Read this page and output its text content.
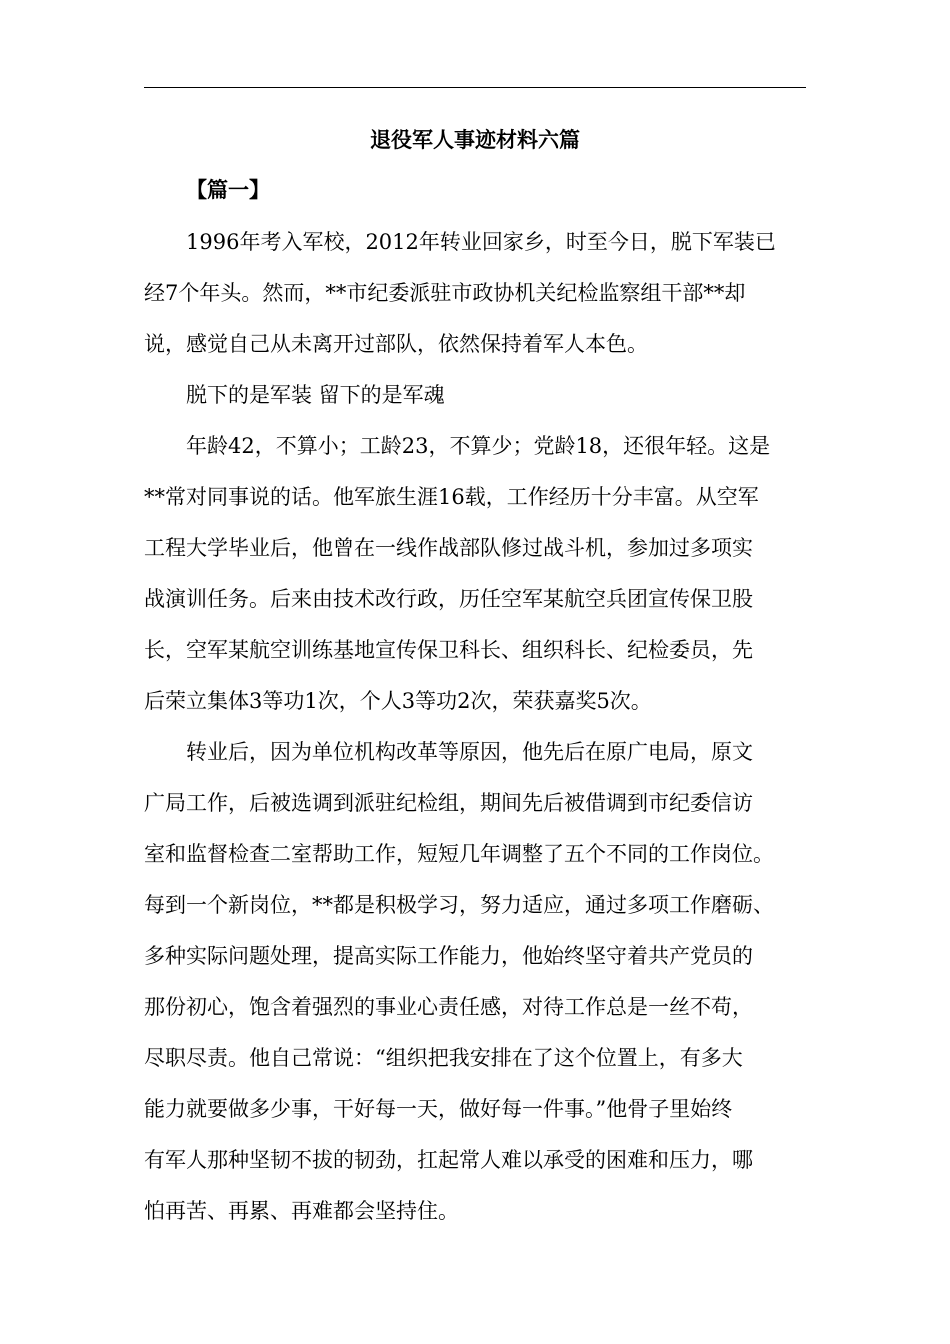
退役军人事迹材料六篇

【篇一】

1996年考入军校，2012年转业回家乡，时至今日，脱下军装已

经7个年头。然而，**市纪委派驻市政协机关纪检监察组干部**却

说，感觉自己从未离开过部队，依然保持着军人本色。

脱下的是军装 留下的是军魂

年龄42，不算小；工龄23，不算少；党龄18，还很年轻。这是

**常对同事说的话。他军旅生涯16载，工作经历十分丰富。从空军

工程大学毕业后，他曾在一线作战部队修过战斗机，参加过多项实

战演训任务。后来由技术改行政，历任空军某航空兵团宣传保卫股

长，空军某航空训练基地宣传保卫科长、组织科长、纪检委员，先

后荣立集体3等功1次，个人3等功2次，荣获嘉奖5次。

转业后，因为单位机构改革等原因，他先后在原广电局，原文

广局工作，后被选调到派驻纪检组，期间先后被借调到市纪委信访

室和监督检查二室帮助工作，短短几年调整了五个不同的工作岗位。

每到一个新岗位，**都是积极学习，努力适应，通过多项工作磨砺、

多种实际问题处理，提高实际工作能力，他始终坚守着共产党员的

那份初心，饱含着强烈的事业心责任感，对待工作总是一丝不苟，

尽职尽责。他自己常说：“组织把我安排在了这个位置上，有多大

能力就要做多少事，干好每一天，做好每一件事。”他骨子里始终

有军人那种坚韧不拔的韧劲，扛起常人难以承受的困难和压力，哪

怕再苦、再累、再难都会坚持住。
